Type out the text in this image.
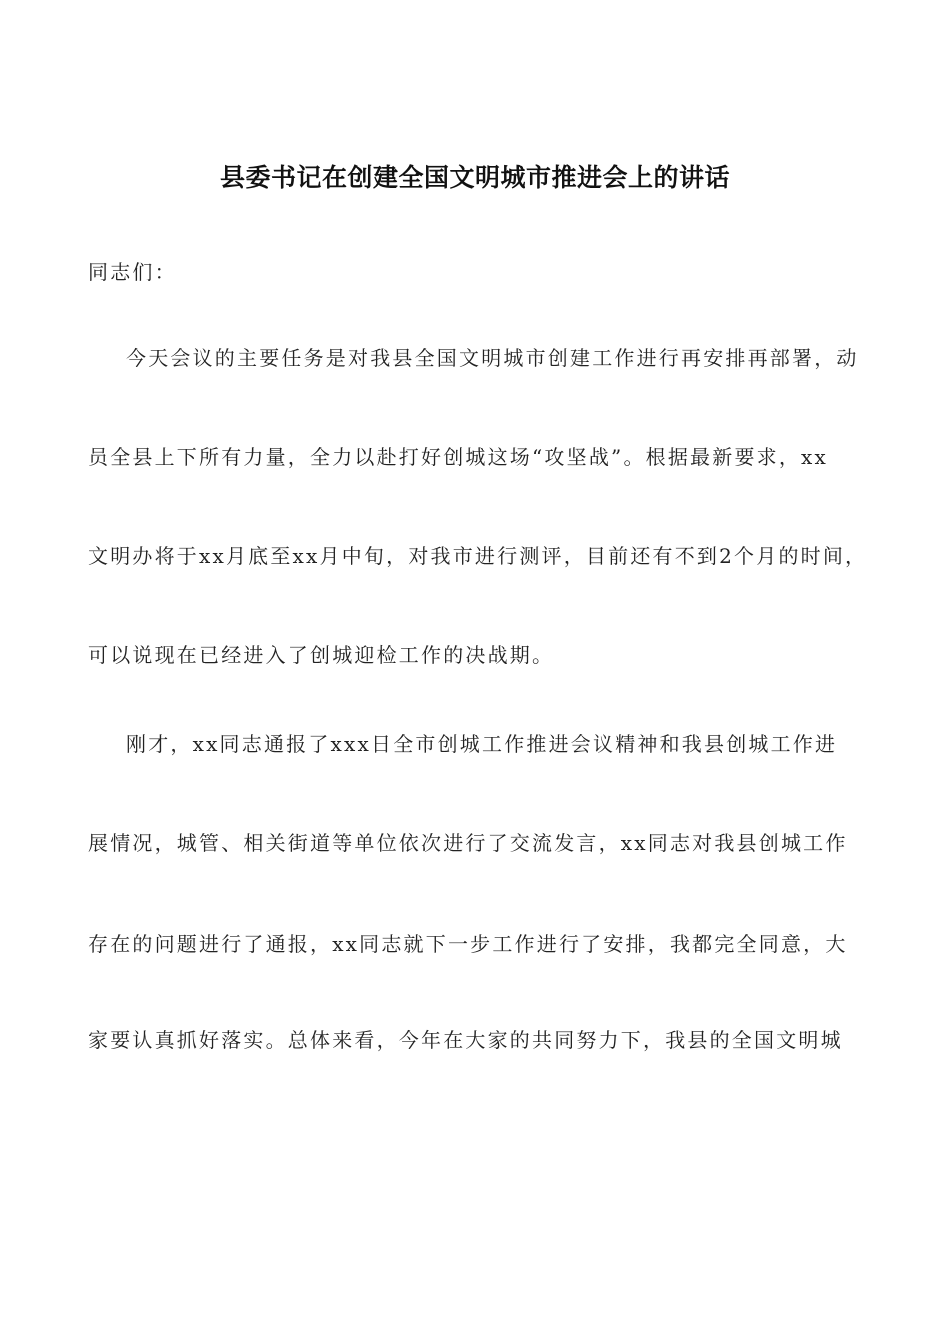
县委书记在创建全国文明城市推进会上的讲话
同志们：
今天会议的主要任务是对我县全国文明城市创建工作进行再安排再部署，动
员全县上下所有力量，全力以赴打好创城这场“攻坚战”。根据最新要求，xx
文明办将于xx月底至xx月中旬，对我市进行测评，目前还有不到2个月的时间，
可以说现在已经进入了创城迎检工作的决战期。
刚才，xx同志通报了xxx日全市创城工作推进会议精神和我县创城工作进
展情况，城管、相关街道等单位依次进行了交流发言，xx同志对我县创城工作
存在的问题进行了通报，xx同志就下一步工作进行了安排，我都完全同意，大
家要认真抓好落实。总体来看，今年在大家的共同努力下，我县的全国文明城
